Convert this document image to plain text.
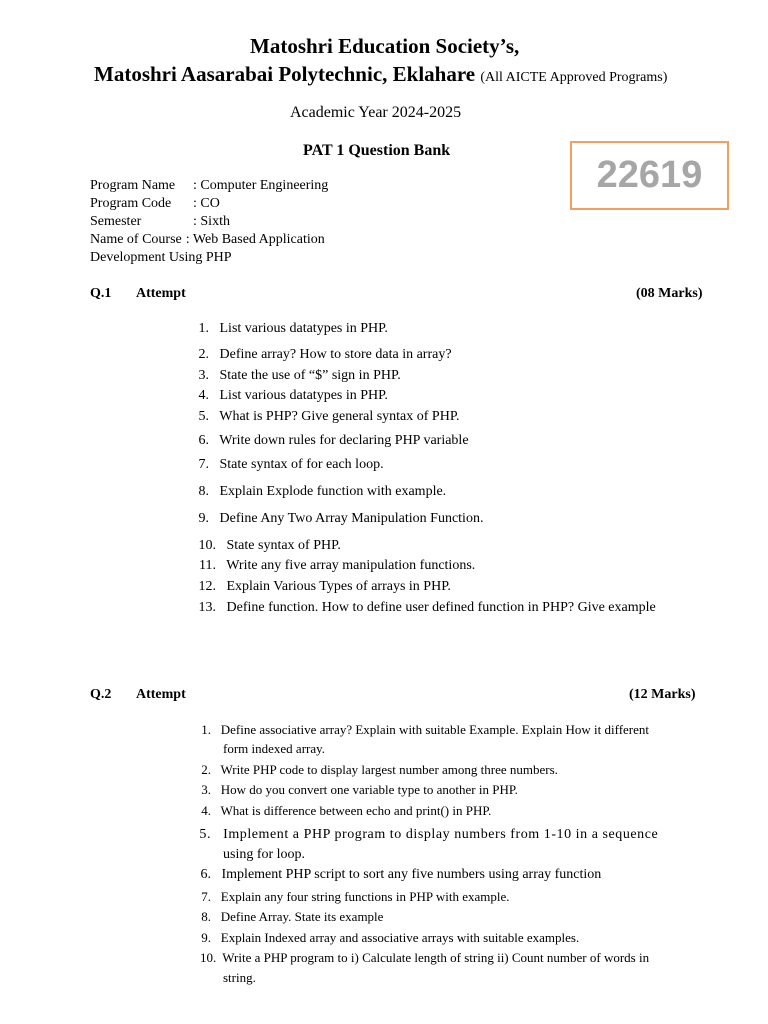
Matoshri Education Society’s,
Matoshri Aasarabai Polytechnic, Eklahare (All AICTE Approved Programs)
Academic Year 2024-2025
PAT 1 Question Bank
22619
Program Name	: Computer Engineering
Program Code	: CO
Semester	: Sixth
Name of Course : Web Based Application
Development Using PHP
Q.1 Attempt	(08 Marks)
1. List various datatypes in PHP.
2. Define array? How to store data in array?
3. State the use of “$” sign in PHP.
4. List various datatypes in PHP.
5. What is PHP? Give general syntax of PHP.
6. Write down rules for declaring PHP variable
7. State syntax of for each loop.
8. Explain Explode function with example.
9. Define Any Two Array Manipulation Function.
10. State syntax of PHP.
11. Write any five array manipulation functions.
12. Explain Various Types of arrays in PHP.
13. Define function. How to define user defined function in PHP? Give example
Q.2 Attempt	(12 Marks)
1. Define associative array? Explain with suitable Example. Explain How it different
form indexed array.
2. Write PHP code to display largest number among three numbers.
3. How do you convert one variable type to another in PHP.
4. What is difference between echo and print() in PHP.
5. Implement a PHP program to display numbers from 1-10 in a sequence
using for loop.
6. Implement PHP script to sort any five numbers using array function
7. Explain any four string functions in PHP with example.
8. Define Array. State its example
9. Explain Indexed array and associative arrays with suitable examples.
10. Write a PHP program to i) Calculate length of string ii) Count number of words in
string.
